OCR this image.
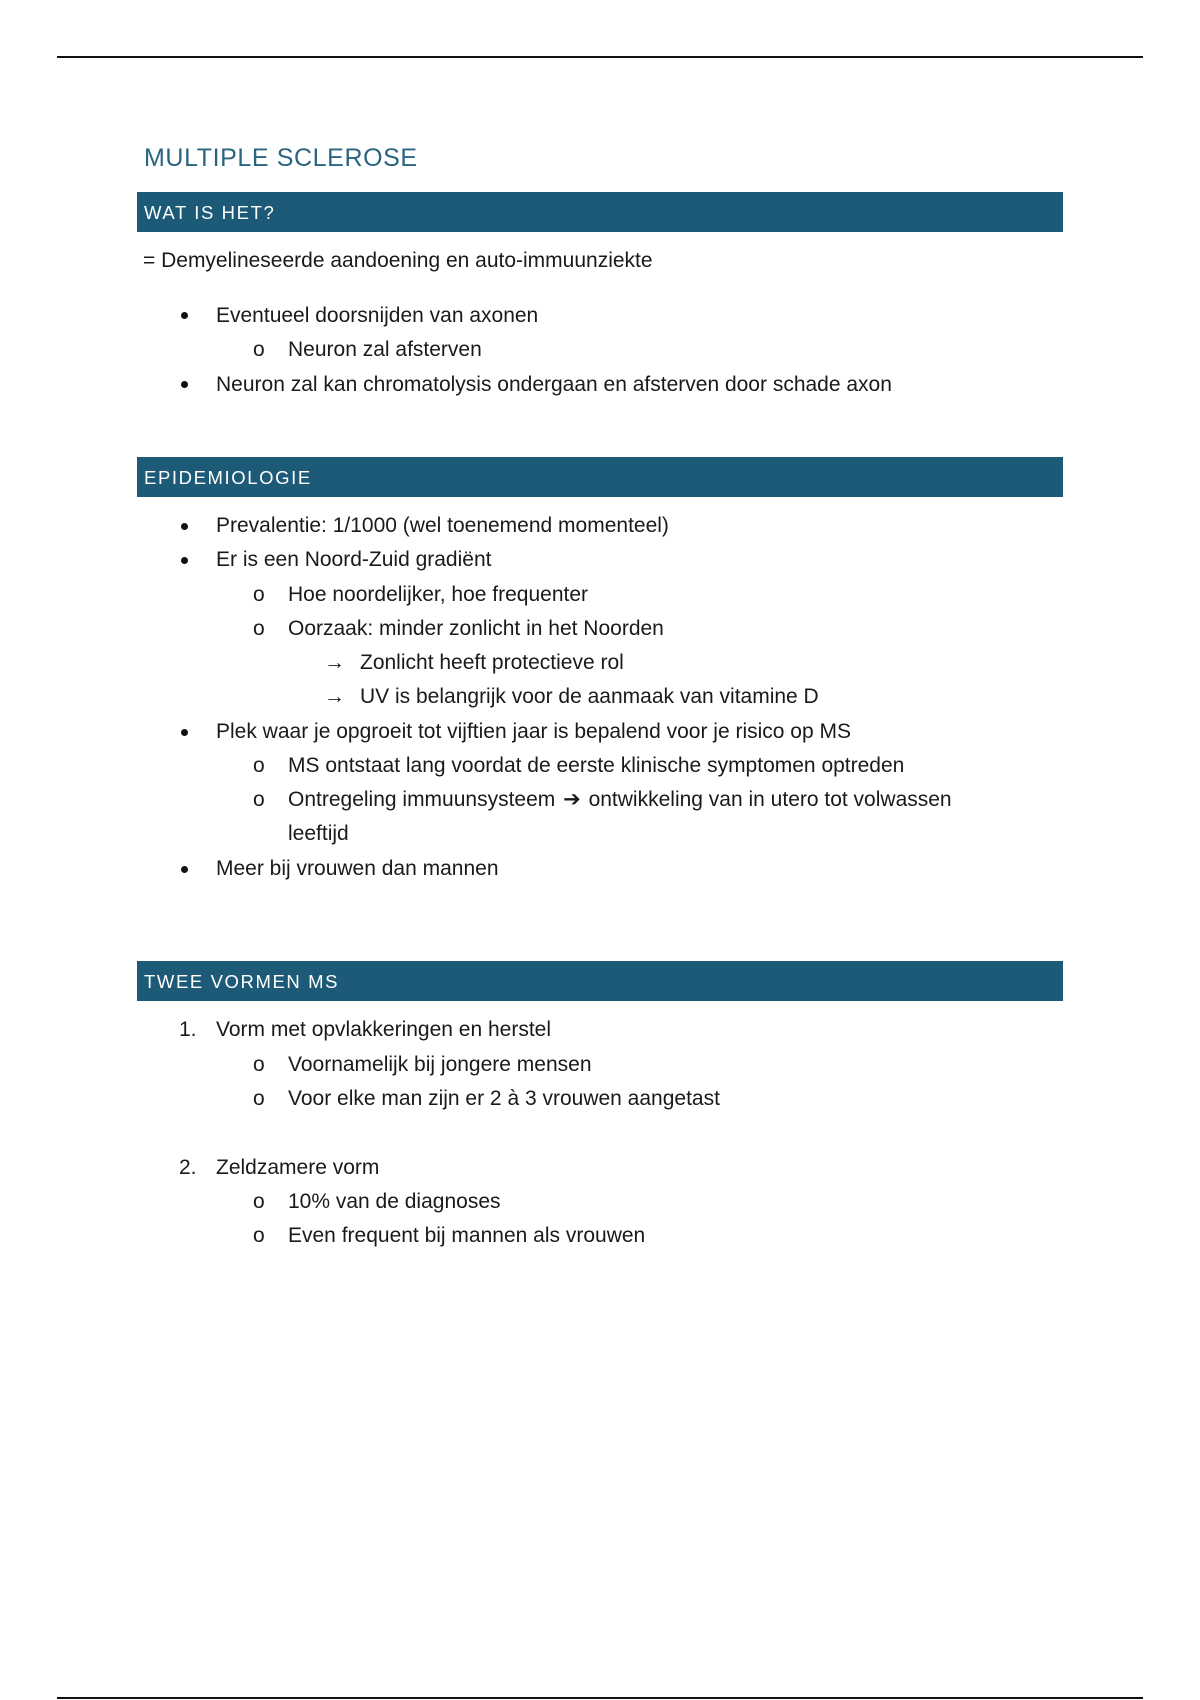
MULTIPLE SCLEROSE
WAT IS HET?
= Demyelineseerde aandoening en auto-immuunziekte
Eventueel doorsnijden van axonen
o Neuron zal afsterven
Neuron zal kan chromatolysis ondergaan en afsterven door schade axon
EPIDEMIOLOGIE
Prevalentie: 1/1000 (wel toenemend momenteel)
Er is een Noord-Zuid gradiënt
o Hoe noordelijker, hoe frequenter
o Oorzaak: minder zonlicht in het Noorden
→ Zonlicht heeft protectieve rol
→ UV is belangrijk voor de aanmaak van vitamine D
Plek waar je opgroeit tot vijftien jaar is bepalend voor je risico op MS
o MS ontstaat lang voordat de eerste klinische symptomen optreden
o Ontregeling immuunsysteem ➔ ontwikkeling van in utero tot volwassen
leeftijd
Meer bij vrouwen dan mannen
TWEE VORMEN MS
1. Vorm met opvlakkeringen en herstel
o Voornamelijk bij jongere mensen
o Voor elke man zijn er 2 à 3 vrouwen aangetast
2. Zeldzamere vorm
o 10% van de diagnoses
o Even frequent bij mannen als vrouwen
